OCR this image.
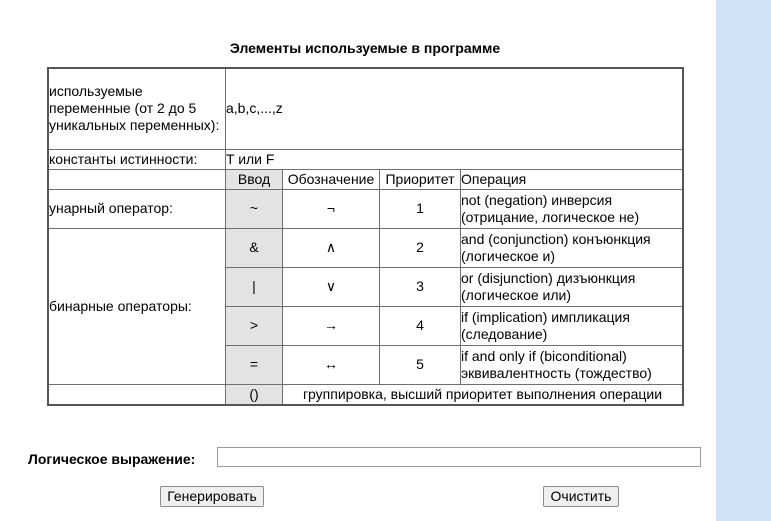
Элементы используемые в программе
используемые переменные (от 2 до 5 уникальных переменных):	a,b,c,...,z			
константы истинности:	T или F			
	Ввод	Обозначение	Приоритет	Операция
унарный оператор:	~	¬	1	not (negation) инверсия (отрицание, логическое не)
бинарные операторы:	&	∧	2	and (conjunction) конъюнкция (логическое и)
	|	∨	3	or (disjunction) дизъюнкция (логическое или)
	>	→	4	if (implication) импликация (следование)
	=	↔	5	if and only if (biconditional) эквивалентность (тождество)
	()	группировка, высший приоритет выполнения операции		
Логическое выражение:
Генерировать	Очистить
